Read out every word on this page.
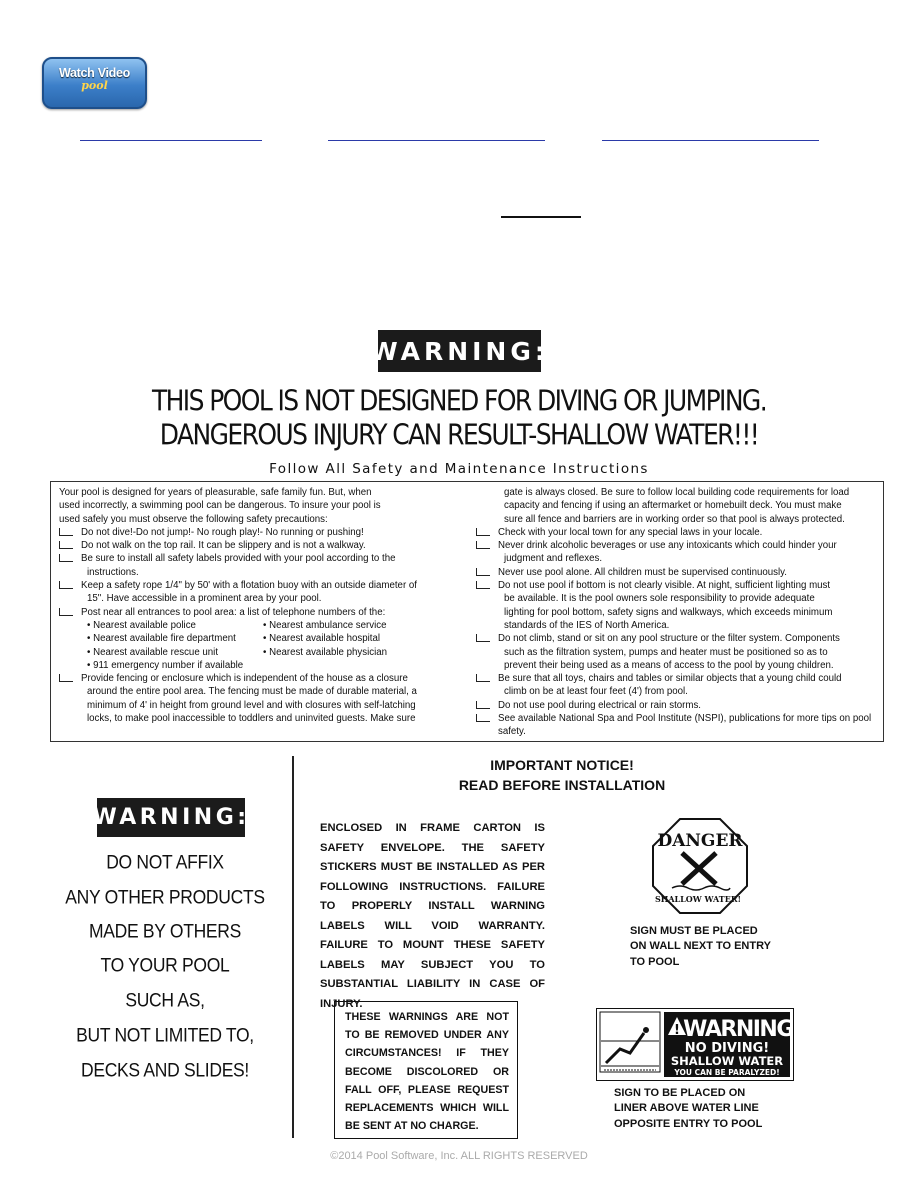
Watch Video
pool
WARNING:
THIS POOL IS NOT DESIGNED FOR DIVING OR JUMPING.
DANGEROUS INJURY CAN RESULT-SHALLOW WATER!!!
Follow All Safety and Maintenance Instructions
Your pool is designed for years of pleasurable, safe family fun. But, when
used incorrectly, a swimming pool can be dangerous. To insure your pool is
used safely you must observe the following safety precautions:
Do not dive!-Do not jump!- No rough play!- No running or pushing!
Do not walk on the top rail. It can be slippery and is not a walkway.
Be sure to install all safety labels provided with your pool according to the
instructions.
Keep a safety rope 1/4" by 50' with a flotation buoy with an outside diameter of
15". Have accessible in a prominent area by your pool.
Post near all entrances to pool area: a list of telephone numbers of the:
• Nearest available police	• Nearest ambulance service
• Nearest available fire department	• Nearest available hospital
• Nearest available rescue unit	• Nearest available physician
• 911 emergency number if available
Provide fencing or enclosure which is independent of the house as a closure
around the entire pool area. The fencing must be made of durable material, a
minimum of 4' in height from ground level and with closures with self-latching
locks, to make pool inaccessible to toddlers and uninvited guests. Make sure
gate is always closed. Be sure to follow local building code requirements for load
capacity and fencing if using an aftermarket or homebuilt deck. You must make
sure all fence and barriers are in working order so that pool is always protected.
Check with your local town for any special laws in your locale.
Never drink alcoholic beverages or use any intoxicants which could hinder your
judgment and reflexes.
Never use pool alone. All children must be supervised continuously.
Do not use pool if bottom is not clearly visible. At night, sufficient lighting must
be available. It is the pool owners sole responsibility to provide adequate
lighting for pool bottom, safety signs and walkways, which exceeds minimum
standards of the IES of North America.
Do not climb, stand or sit on any pool structure or the filter system. Components
such as the filtration system, pumps and heater must be positioned so as to
prevent their being used as a means of access to the pool by young children.
Be sure that all toys, chairs and tables or similar objects that a young child could
climb on be at least four feet (4') from pool.
Do not use pool during electrical or rain storms.
See available National Spa and Pool Institute (NSPI), publications for more tips on pool safety.
WARNING:
DO NOT AFFIX
ANY OTHER PRODUCTS
MADE BY OTHERS
TO YOUR POOL
SUCH AS,
BUT NOT LIMITED TO,
DECKS AND SLIDES!
IMPORTANT NOTICE!
READ BEFORE INSTALLATION
ENCLOSED IN FRAME CARTON IS SAFETY ENVELOPE. THE SAFETY STICKERS MUST BE INSTALLED AS PER FOLLOWING INSTRUCTIONS. FAILURE TO PROPERLY INSTALL WARNING LABELS WILL VOID WARRANTY. FAILURE TO MOUNT THESE SAFETY LABELS MAY SUBJECT YOU TO SUBSTANTIAL LIABILITY IN CASE OF INJURY.
DANGER
SHALLOW WATER!
SIGN MUST BE PLACED
ON WALL NEXT TO ENTRY
TO POOL
THESE WARNINGS ARE NOT TO BE REMOVED UNDER ANY CIRCUMSTANCES! IF THEY BECOME DISCOLORED OR FALL OFF, PLEASE REQUEST REPLACEMENTS WHICH WILL BE SENT AT NO CHARGE.
! WARNING
NO DIVING!
SHALLOW WATER
YOU CAN BE PARALYZED!
SIGN TO BE PLACED ON
LINER ABOVE WATER LINE
OPPOSITE ENTRY TO POOL
©2014 Pool Software, Inc. ALL RIGHTS RESERVED
